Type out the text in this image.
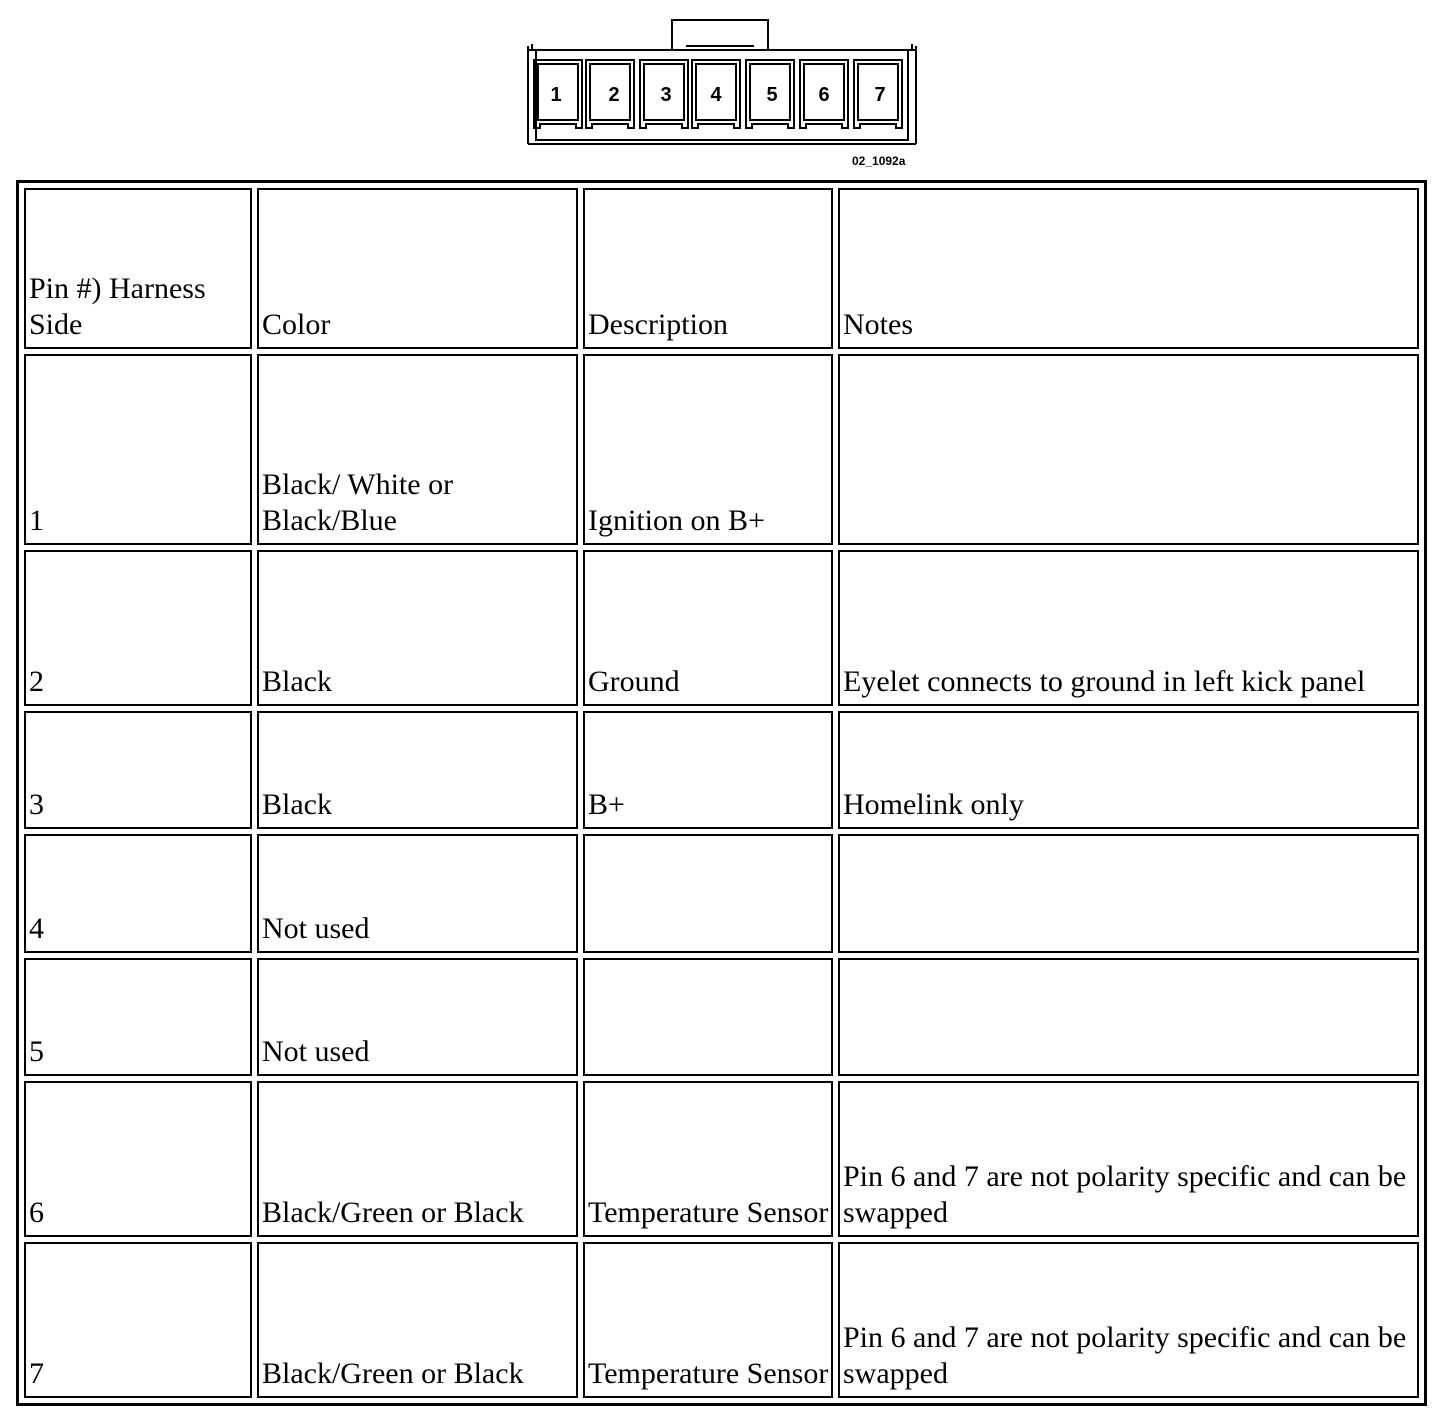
1	2	3	4	5	6	7
02_1092a
Pin #) Harness Side	Color	Description	Notes
1	Black/ White or Black/Blue	Ignition on B+	
2	Black	Ground	Eyelet connects to ground in left kick panel
3	Black	B+	Homelink only
4	Not used		
5	Not used		
6	Black/Green or Black	Temperature Sensor	Pin 6 and 7 are not polarity specific and can be swapped
7	Black/Green or Black	Temperature Sensor	Pin 6 and 7 are not polarity specific and can be swapped
